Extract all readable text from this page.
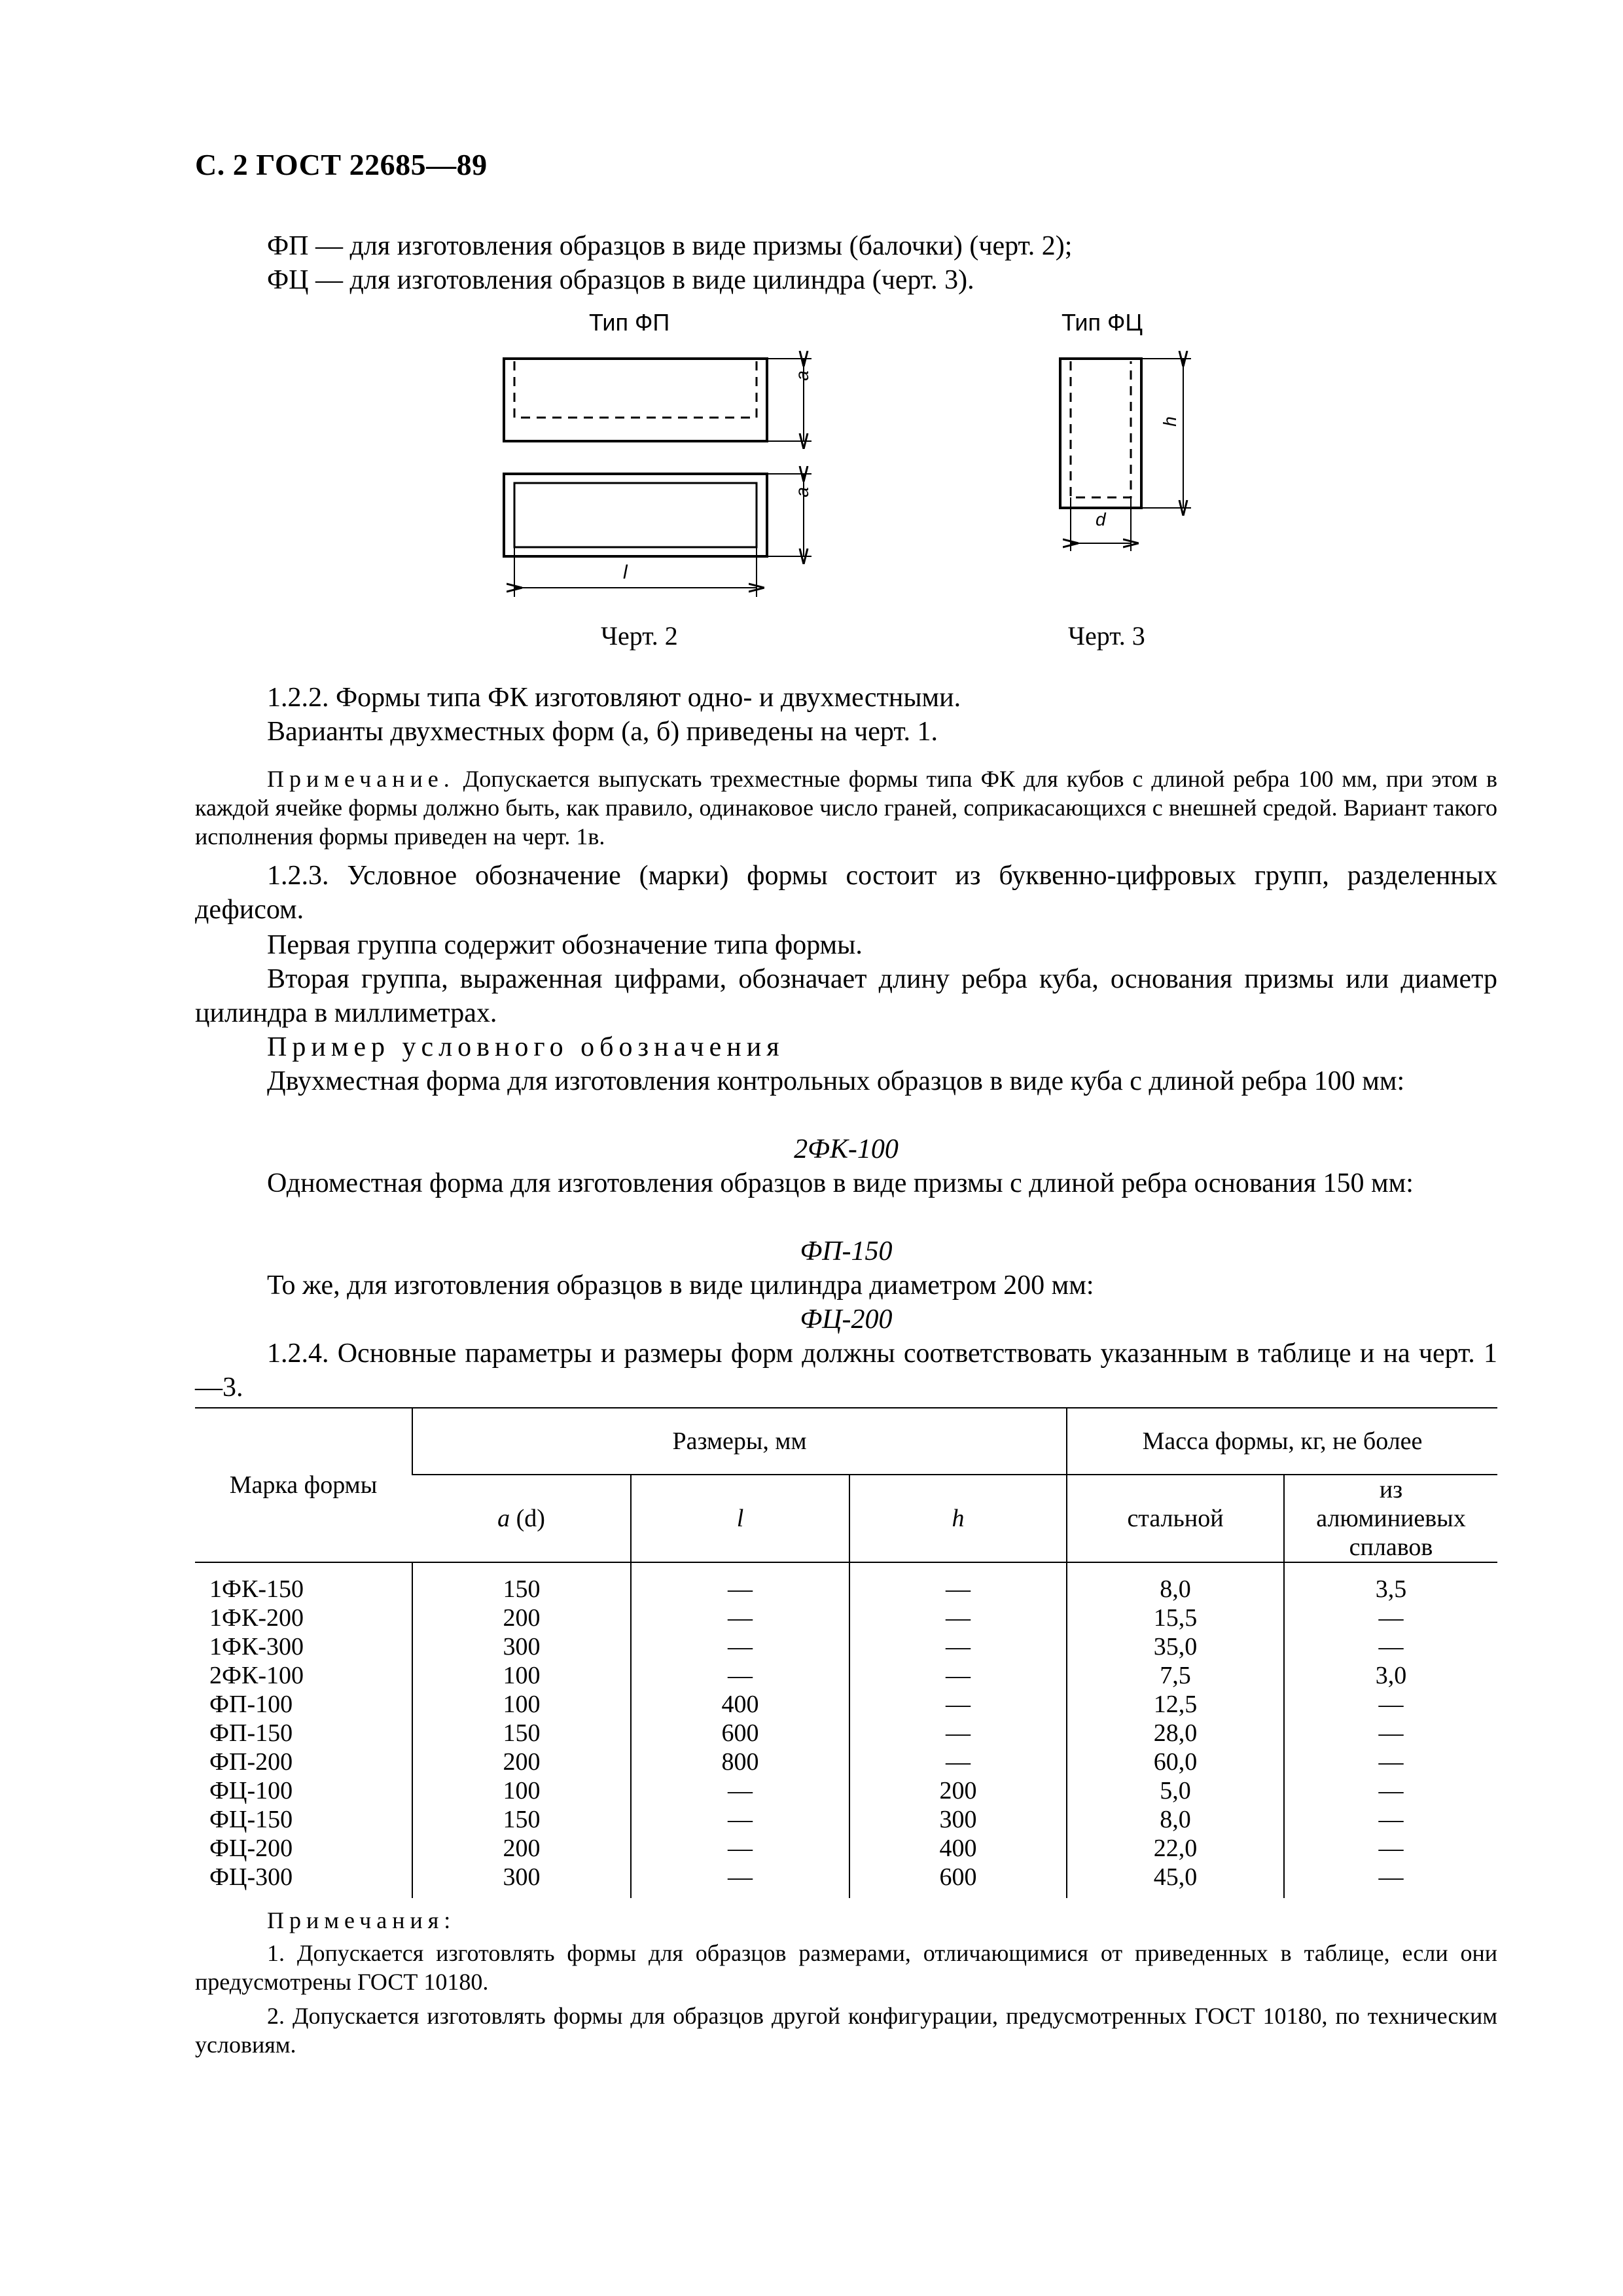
С. 2 ГОСТ 22685—89
ФП — для изготовления образцов в виде призмы (балочки) (черт. 2);
ФЦ — для изготовления образцов в виде цилиндра (черт. 3).
Тип ФП	Тип ФЦ
a
a
l
h
d
Черт. 2	Черт. 3
1.2.2. Формы типа ФК изготовляют одно- и двухместными.
Варианты двухместных форм (а, б) приведены на черт. 1.
Примечание. Допускается выпускать трехместные формы типа ФК для кубов с длиной ребра 100 мм, при этом в каждой ячейке формы должно быть, как правило, одинаковое число граней, соприкасающихся с внешней средой. Вариант такого исполнения формы приведен на черт. 1в.
1.2.3. Условное обозначение (марки) формы состоит из буквенно-цифровых групп, разделенных дефисом.
Первая группа содержит обозначение типа формы.
Вторая группа, выраженная цифрами, обозначает длину ребра куба, основания призмы или диаметр цилиндра в миллиметрах.
Пример условного обозначения
Двухместная форма для изготовления контрольных образцов в виде куба с длиной ребра 100 мм:
2ФК-100
Одноместная форма для изготовления образцов в виде призмы с длиной ребра основания 150 мм:
ФП-150
То же, для изготовления образцов в виде цилиндра диаметром 200 мм:
ФЦ-200
1.2.4. Основные параметры и размеры форм должны соответствовать указанным в таблице и на черт. 1—3.
Марка формы	Размеры, мм			Масса формы, кг, не более	
	a (d)	l	h	стальной	из алюминиевых сплавов
1ФК-150	150	—	—	8,0	3,5
1ФК-200	200	—	—	15,5	—
1ФК-300	300	—	—	35,0	—
2ФК-100	100	—	—	7,5	3,0
ФП-100	100	400	—	12,5	—
ФП-150	150	600	—	28,0	—
ФП-200	200	800	—	60,0	—
ФЦ-100	100	—	200	5,0	—
ФЦ-150	150	—	300	8,0	—
ФЦ-200	200	—	400	22,0	—
ФЦ-300	300	—	600	45,0	—
Примечания:
1. Допускается изготовлять формы для образцов размерами, отличающимися от приведенных в таблице, если они предусмотрены ГОСТ 10180.
2. Допускается изготовлять формы для образцов другой конфигурации, предусмотренных ГОСТ 10180, по техническим условиям.
